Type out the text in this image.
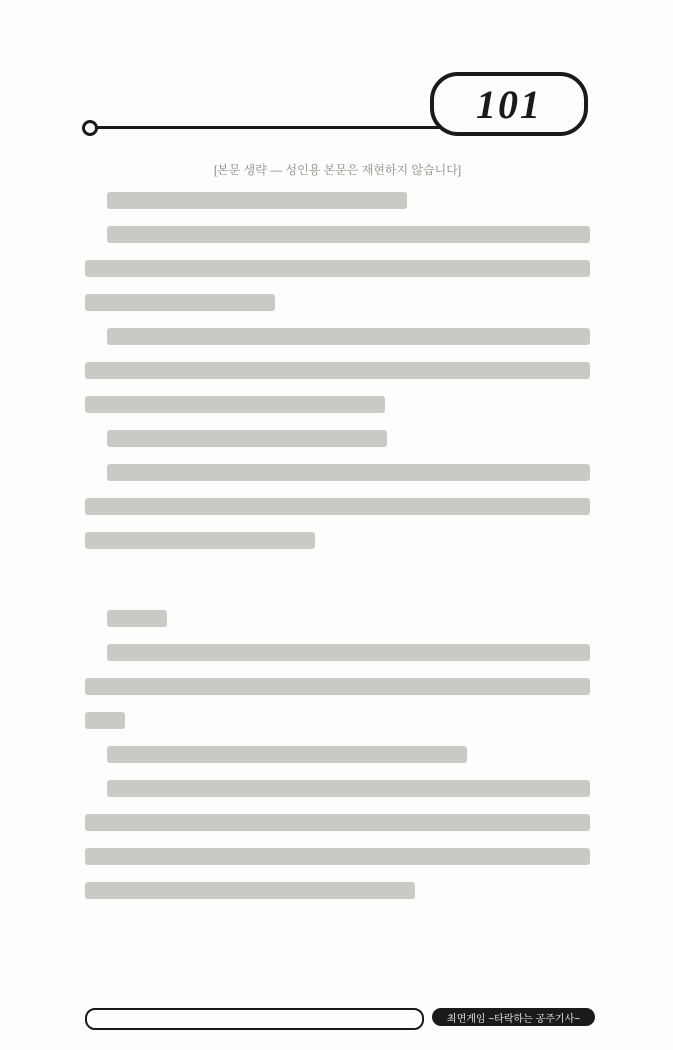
101
[본문 생략 — 성인용 본문은 재현하지 않습니다]
최면게임 ~타락하는 공주기사~
